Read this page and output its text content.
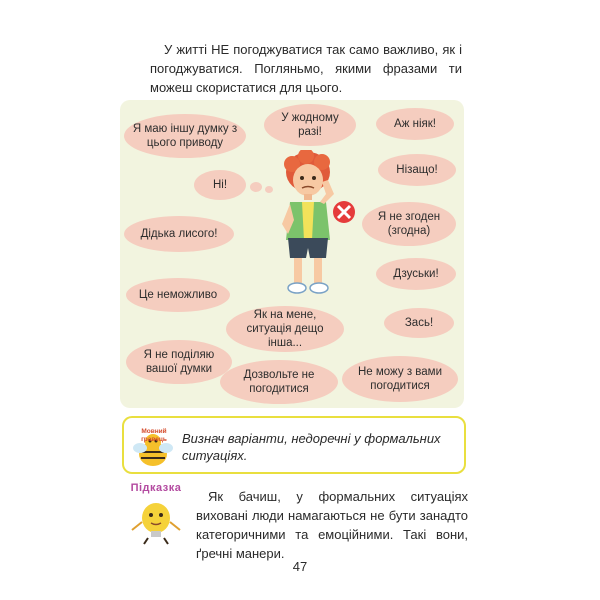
У житті НЕ погоджуватися так само важливо, як і погоджуватися. Погляньмо, якими фразами ти можеш скористатися для цього.
Я маю іншу думку з цього приводу
У жодному разі!
Аж ніяк!
Нізащо!
Ні!
Я не згоден (згодна)
Дідька лисого!
Дзуськи!
Це неможливо
Як на мене, ситуація дещо інша...
Зась!
Я не поділяю вашої думки	Дозвольте не погодитися
Не можу з вами погодитися
Мовний гравець	Визнач варіанти, недоречні у формальних ситуаціях.
Підказка
Як бачиш, у формальних ситуаціях виховані люди намагаються не бути занадто категоричними та емоційними. Такі вони, ґречні манери.
47
